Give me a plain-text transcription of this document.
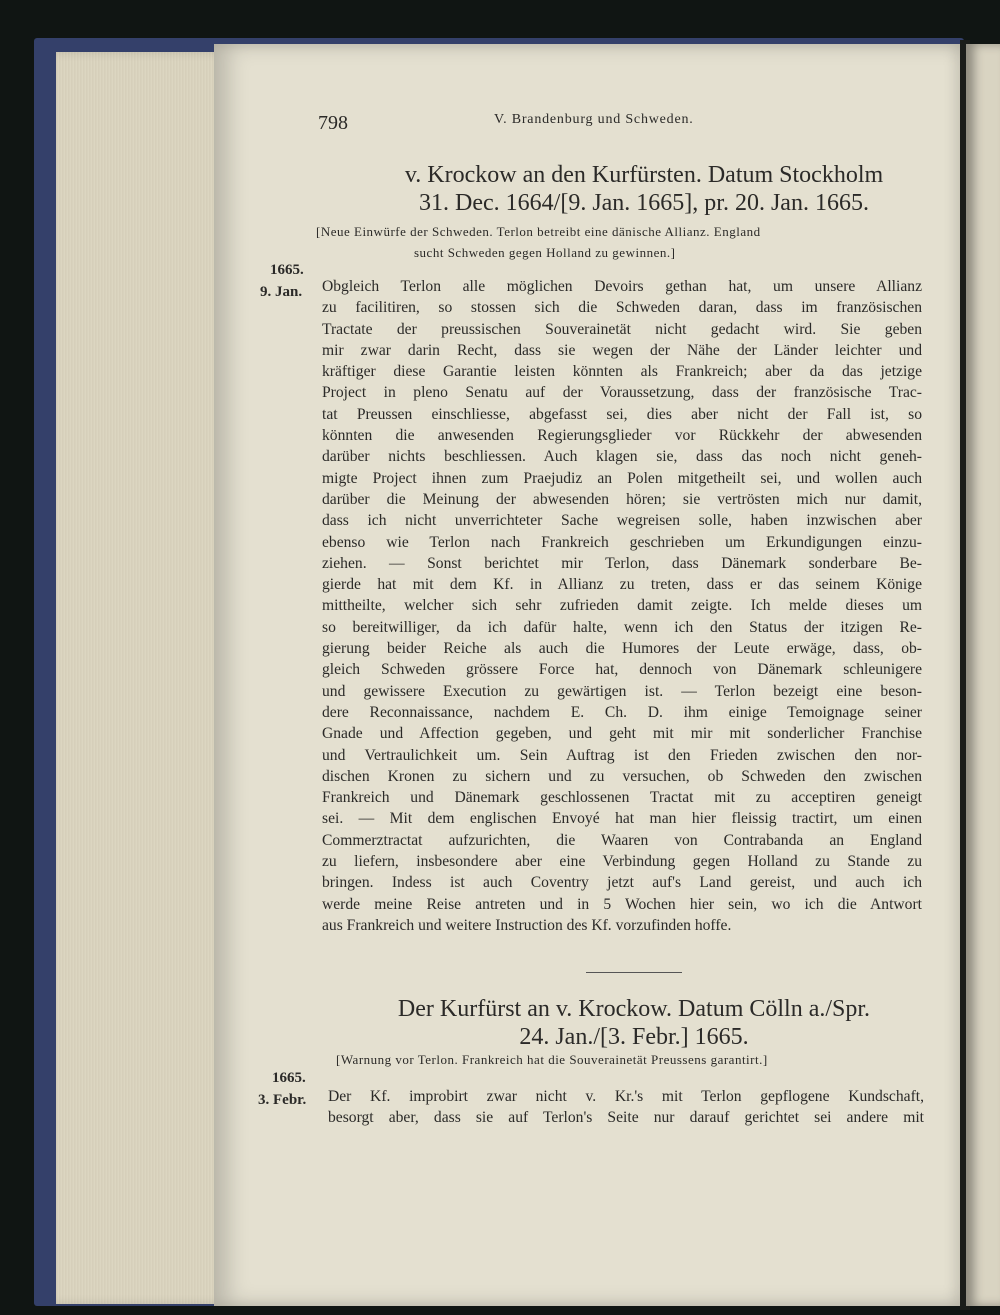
798	V. Brandenburg und Schweden.
v. Krockow an den Kurfürsten. Datum Stockholm
31. Dec. 1664/[9. Jan. 1665], pr. 20. Jan. 1665.
[Neue Einwürfe der Schweden. Terlon betreibt eine dänische Allianz. England
sucht Schweden gegen Holland zu gewinnen.]
1665.
9. Jan. Obgleich Terlon alle möglichen Devoirs gethan hat, um unsere Allianz
zu facilitiren, so stossen sich die Schweden daran, dass im französischen
Tractate der preussischen Souverainetät nicht gedacht wird. Sie geben
mir zwar darin Recht, dass sie wegen der Nähe der Länder leichter und
kräftiger diese Garantie leisten könnten als Frankreich; aber da das jetzige
Project in pleno Senatu auf der Voraussetzung, dass der französische Trac-
tat Preussen einschliesse, abgefasst sei, dies aber nicht der Fall ist, so
könnten die anwesenden Regierungsglieder vor Rückkehr der abwesenden
darüber nichts beschliessen. Auch klagen sie, dass das noch nicht geneh-
migte Project ihnen zum Praejudiz an Polen mitgetheilt sei, und wollen auch
darüber die Meinung der abwesenden hören; sie vertrösten mich nur damit,
dass ich nicht unverrichteter Sache wegreisen solle, haben inzwischen aber
ebenso wie Terlon nach Frankreich geschrieben um Erkundigungen einzu-
ziehen. — Sonst berichtet mir Terlon, dass Dänemark sonderbare Be-
gierde hat mit dem Kf. in Allianz zu treten, dass er das seinem Könige
mittheilte, welcher sich sehr zufrieden damit zeigte. Ich melde dieses um
so bereitwilliger, da ich dafür halte, wenn ich den Status der itzigen Re-
gierung beider Reiche als auch die Humores der Leute erwäge, dass, ob-
gleich Schweden grössere Force hat, dennoch von Dänemark schleunigere
und gewissere Execution zu gewärtigen ist. — Terlon bezeigt eine beson-
dere Reconnaissance, nachdem E. Ch. D. ihm einige Temoignage seiner
Gnade und Affection gegeben, und geht mit mir mit sonderlicher Franchise
und Vertraulichkeit um. Sein Auftrag ist den Frieden zwischen den nor-
dischen Kronen zu sichern und zu versuchen, ob Schweden den zwischen
Frankreich und Dänemark geschlossenen Tractat mit zu acceptiren geneigt
sei. — Mit dem englischen Envoyé hat man hier fleissig tractirt, um einen
Commerztractat aufzurichten, die Waaren von Contrabanda an England
zu liefern, insbesondere aber eine Verbindung gegen Holland zu Stande zu
bringen. Indess ist auch Coventry jetzt auf's Land gereist, und auch ich
werde meine Reise antreten und in 5 Wochen hier sein, wo ich die Antwort
aus Frankreich und weitere Instruction des Kf. vorzufinden hoffe.
Der Kurfürst an v. Krockow. Datum Cölln a./Spr.
24. Jan./[3. Febr.] 1665.
[Warnung vor Terlon. Frankreich hat die Souverainetät Preussens garantirt.]
1665.
3. Febr. Der Kf. improbirt zwar nicht v. Kr.'s mit Terlon gepflogene Kundschaft,
besorgt aber, dass sie auf Terlon's Seite nur darauf gerichtet sei andere mit
